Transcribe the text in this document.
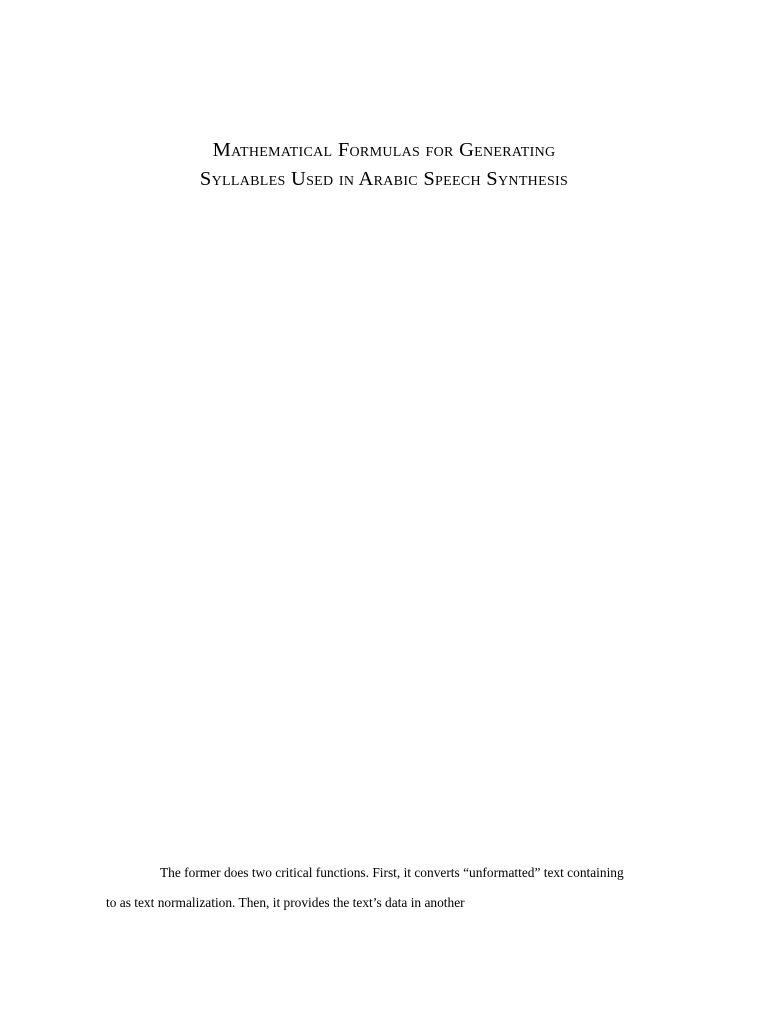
Mathematical Formulas for Generating
Syllables Used in Arabic Speech Synthesis

The former does two critical functions. First, it converts “unformatted” text containing
to as text normalization. Then, it provides the text’s data in another
